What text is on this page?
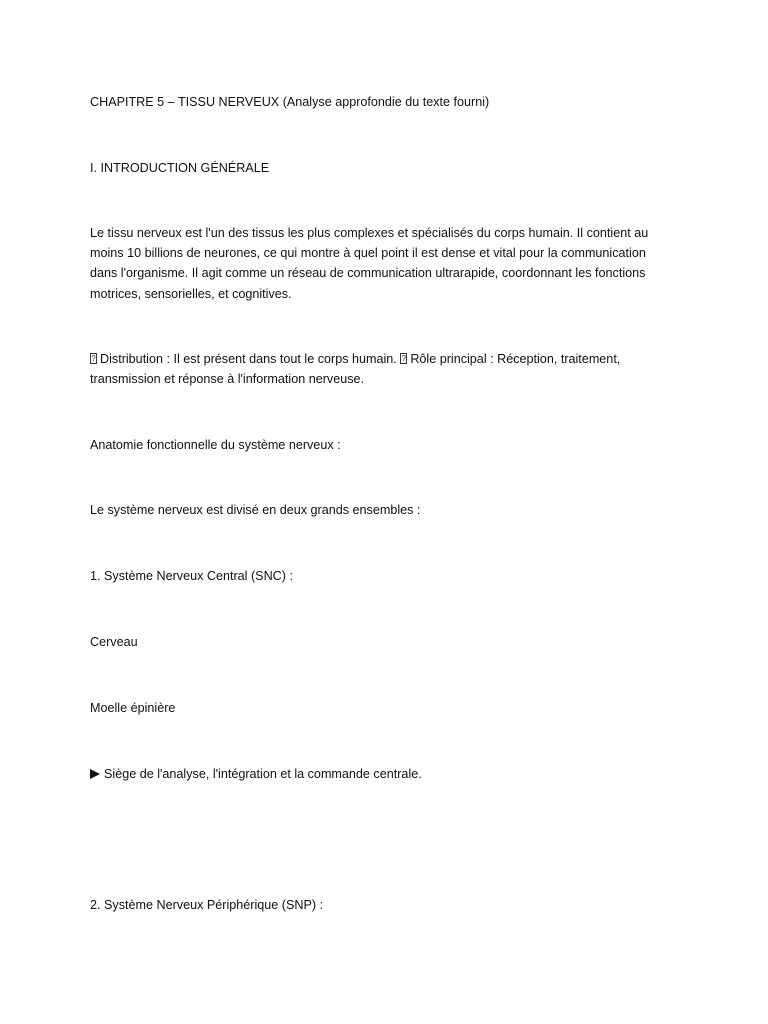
CHAPITRE 5 – TISSU NERVEUX (Analyse approfondie du texte fourni)

I. INTRODUCTION GÉNÉRALE

Le tissu nerveux est l'un des tissus les plus complexes et spécialisés du corps humain. Il contient au moins 10 billions de neurones, ce qui montre à quel point il est dense et vital pour la communication dans l'organisme. Il agit comme un réseau de communication ultrarapide, coordonnant les fonctions motrices, sensorielles, et cognitives.

?Distribution : Il est présent dans tout le corps humain. ? Rôle principal : Réception, traitement, transmission et réponse à l'information nerveuse.

Anatomie fonctionnelle du système nerveux :

Le système nerveux est divisé en deux grands ensembles :

1. Système Nerveux Central (SNC) :

Cerveau

Moelle épinière

Siège de l'analyse, l'intégration et la commande centrale.

2. Système Nerveux Périphérique (SNP) :
